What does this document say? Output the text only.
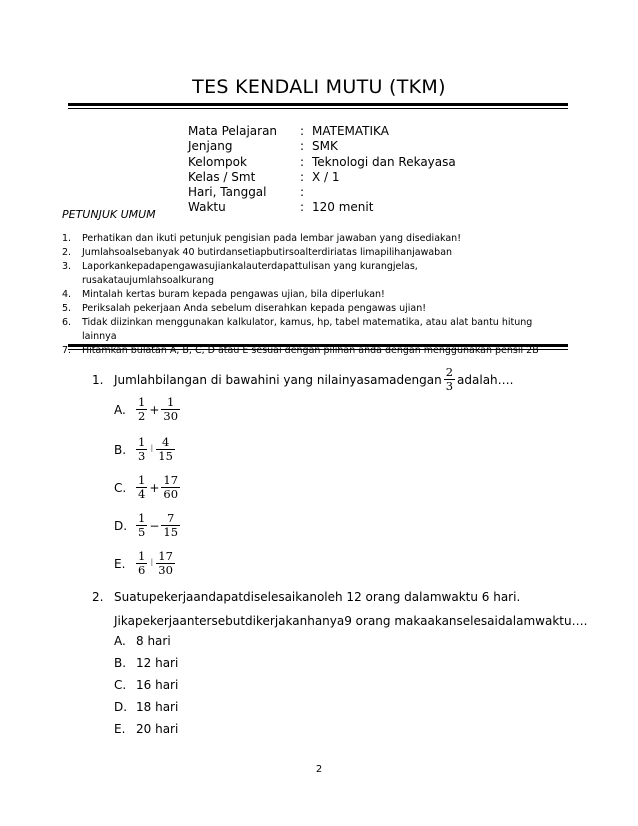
TES KENDALI MUTU (TKM)
Mata Pelajaran	: MATEMATIKA
Jenjang	: SMK
Kelompok	: Teknologi dan Rekayasa
Kelas / Smt	: X / 1
Hari, Tanggal	:
Waktu	: 120 menit
PETUNJUK UMUM
1.	Perhatikan dan ikuti petunjuk pengisian pada lembar jawaban yang disediakan!
2.	Jumlahsoalsebanyak 40 butirdansetiapbutirsoalterdiriatas limapilihanjawaban
3.	Laporkankepadapengawasujiankalauterdapattulisan yang kurangjelas, rusakataujumlahsoalkurang
4.	Mintalah kertas buram kepada pengawas ujian, bila diperlukan!
5.	Periksalah pekerjaan Anda sebelum diserahkan kepada pengawas ujian!
6.	Tidak diizinkan menggunakan kalkulator, kamus, hp, tabel matematika, atau alat bantu hitung lainnya
7.	Hitamkan bulatan A, B, C, D atau E sesuai dengan pilihan anda dengan menggunakan pensil 2B
1. Jumlahbilangan di bawahini yang nilainyasamadengan $\frac{2}{3}$ adalah….
A. $\frac{1}{2} + \frac{1}{30}$
B. $\frac{1}{3}$ ǀ $\frac{4}{15}$
C. $\frac{1}{4} + \frac{17}{60}$
D. $\frac{1}{5} - \frac{7}{15}$
E. $\frac{1}{6}$ ǀ $\frac{17}{30}$
2. Suatupekerjaandapatdiselesaikanoleh 12 orang dalamwaktu 6 hari.
Jikapekerjaantersebutdikerjakanhanya9 orang makaakanselesaidalamwaktu….
A. 8 hari
B. 12 hari
C. 16 hari
D. 18 hari
E. 20 hari
2
